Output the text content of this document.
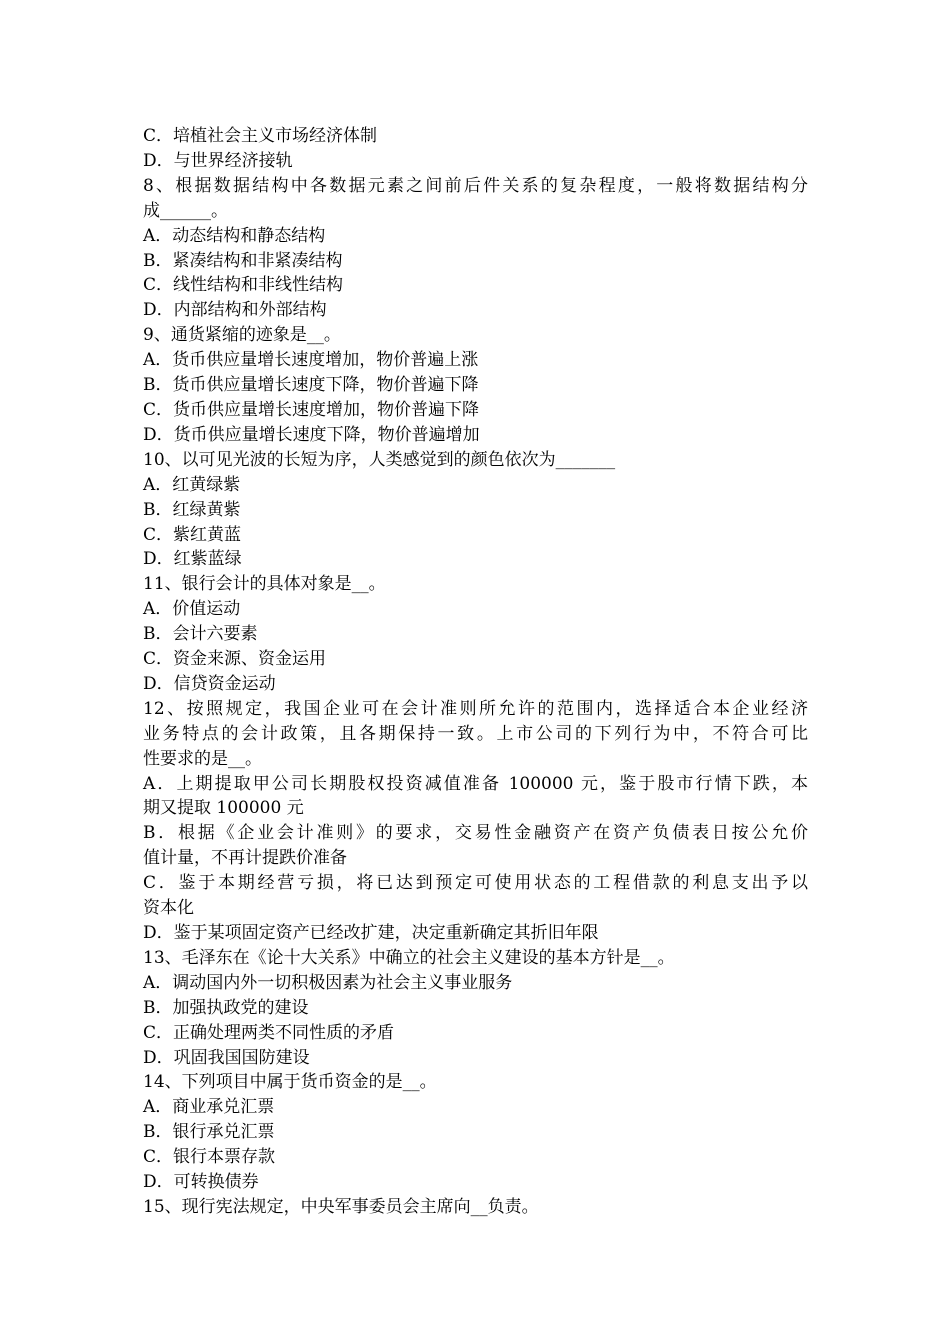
C．培植社会主义市场经济体制
D．与世界经济接轨
8、根据数据结构中各数据元素之间前后件关系的复杂程度，一般将数据结构分
成______。
A．动态结构和静态结构
B．紧凑结构和非紧凑结构
C．线性结构和非线性结构
D．内部结构和外部结构
9、通货紧缩的迹象是__。
A．货币供应量增长速度增加，物价普遍上涨
B．货币供应量增长速度下降，物价普遍下降
C．货币供应量增长速度增加，物价普遍下降
D．货币供应量增长速度下降，物价普遍增加
10、以可见光波的长短为序，人类感觉到的颜色依次为_______
A．红黄绿紫
B．红绿黄紫
C．紫红黄蓝
D．红紫蓝绿
11、银行会计的具体对象是__。
A．价值运动
B．会计六要素
C．资金来源、资金运用
D．信贷资金运动
12、按照规定，我国企业可在会计准则所允许的范围内，选择适合本企业经济
业务特点的会计政策，且各期保持一致。上市公司的下列行为中，不符合可比
性要求的是__。
A．上期提取甲公司长期股权投资减值准备 100000 元，鉴于股市行情下跌，本
期又提取 100000 元
B．根据《企业会计准则》的要求，交易性金融资产在资产负债表日按公允价
值计量，不再计提跌价准备
C．鉴于本期经营亏损，将已达到预定可使用状态的工程借款的利息支出予以
资本化
D．鉴于某项固定资产已经改扩建，决定重新确定其折旧年限
13、毛泽东在《论十大关系》中确立的社会主义建设的基本方针是__。
A．调动国内外一切积极因素为社会主义事业服务
B．加强执政党的建设
C．正确处理两类不同性质的矛盾
D．巩固我国国防建设
14、下列项目中属于货币资金的是__。
A．商业承兑汇票
B．银行承兑汇票
C．银行本票存款
D．可转换债券
15、现行宪法规定，中央军事委员会主席向__负责。
